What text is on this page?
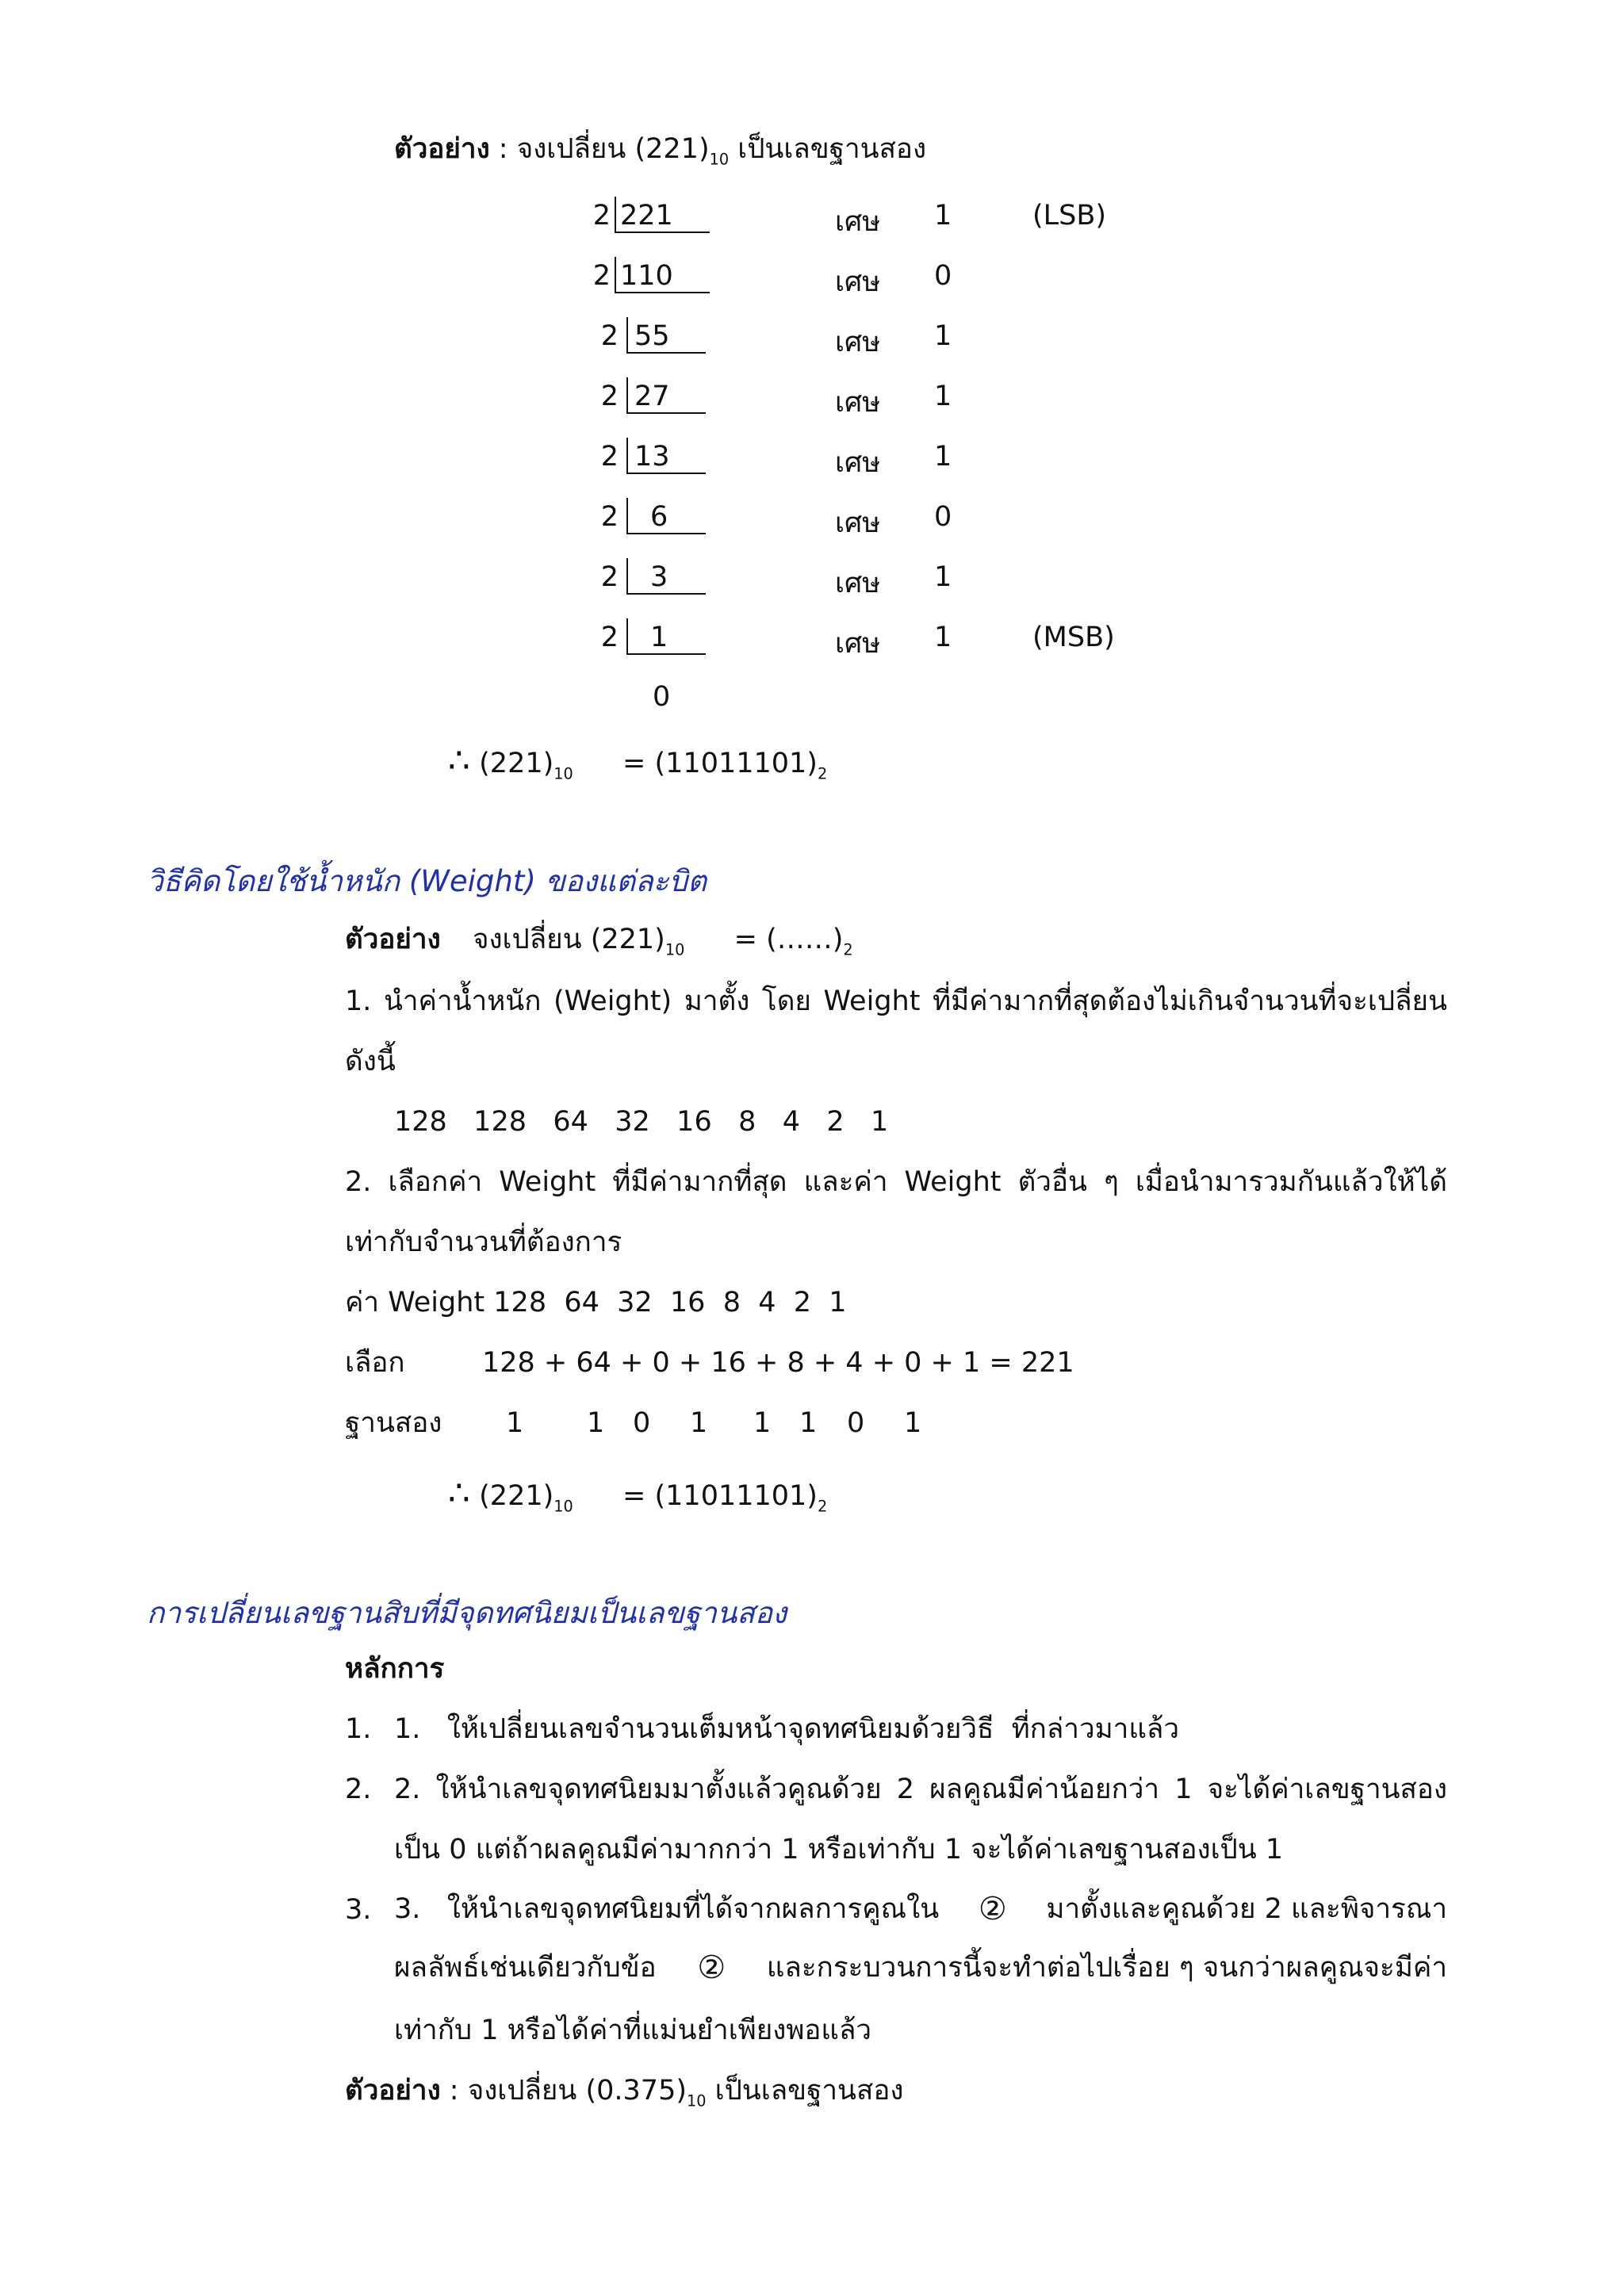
ตัวอย่าง : จงเปลี่ยน $(221)_{10}$ เป็นเลขฐานสอง
2 221	เศษ 1	(LSB)
2 110	เศษ 0
2 55	เศษ 1
2 27	เศษ 1
2 13	เศษ 1
2 6	เศษ 0
2 3	เศษ 1
2 1	เศษ 1	(MSB)
0
∴ $(221)_{10} = (11011101)_2$
วิธีคิดโดยใช้น้ำหนัก (Weight) ของแต่ละบิต
ตัวอย่าง จงเปลี่ยน $(221)_{10}$ = $(\dots\dots)_2$
1. นำค่าน้ำหนัก (Weight) มาตั้ง โดย Weight ที่มีค่ามากที่สุดต้องไม่เกินจำนวนที่จะเปลี่ยน
ดังนี้
128   128   64   32   16   8   4   2   1
2. เลือกค่า Weight ที่มีค่ามากที่สุด และค่า Weight ตัวอื่น ๆ เมื่อนำมารวมกันแล้วให้ได้
เท่ากับจำนวนที่ต้องการ
ค่า Weight 128  64  32  16  8  4  2  1
เลือก	128 + 64 + 0 + 16 + 8 + 4 + 0 + 1 = 221
ฐานสอง 1 1 0 1 1 1 0 1
∴ $(221)_{10} = (11011101)_2$
การเปลี่ยนเลขฐานสิบที่มีจุดทศนิยมเป็นเลขฐานสอง
หลักการ
1. 1.   ให้เปลี่ยนเลขจำนวนเต็มหน้าจุดทศนิยมด้วยวิธี  ที่กล่าวมาแล้ว
2. 2. ให้นำเลขจุดทศนิยมมาตั้งแล้วคูณด้วย 2 ผลคูณมีค่าน้อยกว่า 1 จะได้ค่าเลขฐานสอง
เป็น 0 แต่ถ้าผลคูณมีค่ามากกว่า 1 หรือเท่ากับ 1 จะได้ค่าเลขฐานสองเป็น 1
3. 3.   ให้นำเลขจุดทศนิยมที่ได้จากผลการคูณใน ② มาตั้งและคูณด้วย 2 และพิจารณา
ผลลัพธ์เช่นเดียวกับข้อ ② และกระบวนการนี้จะทำต่อไปเรื่อย ๆ จนกว่าผลคูณจะมีค่า
เท่ากับ 1 หรือได้ค่าที่แม่นยำเพียงพอแล้ว
ตัวอย่าง : จงเปลี่ยน $(0.375)_{10}$ เป็นเลขฐานสอง
